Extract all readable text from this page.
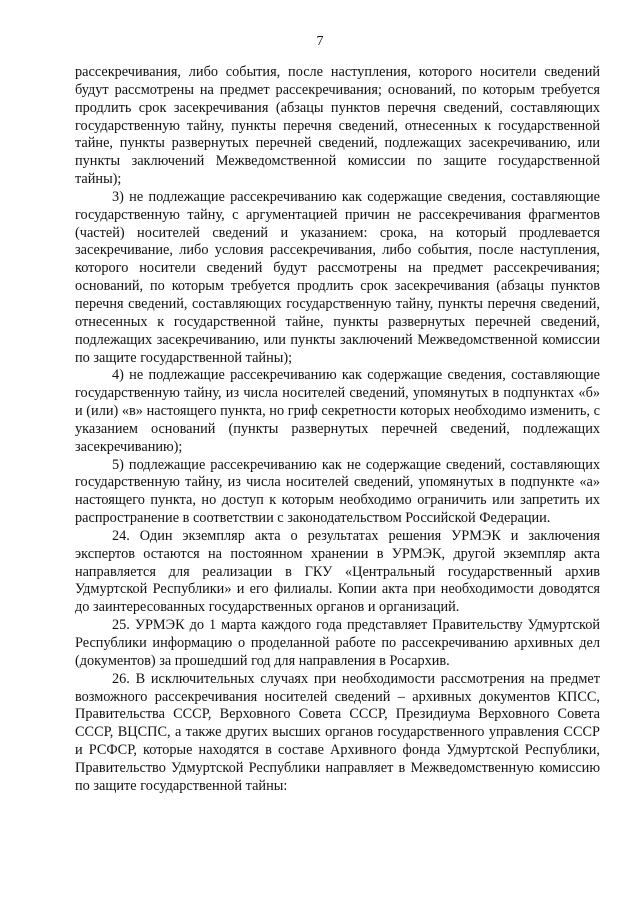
7

рассекречивания, либо события, после наступления, которого носители сведений будут рассмотрены на предмет рассекречивания; оснований, по которым требуется продлить срок засекречивания (абзацы пунктов перечня сведений, составляющих государственную тайну, пункты перечня сведений, отнесенных к государственной тайне, пункты развернутых перечней сведений, подлежащих засекречиванию, или пункты заключений Межведомственной комиссии по защите государственной тайны);

3) не подлежащие рассекречиванию как содержащие сведения, составляющие государственную тайну, с аргументацией причин не рассекречивания фрагментов (частей) носителей сведений и указанием: срока, на который продлевается засекречивание, либо условия рассекречивания, либо события, после наступления, которого носители сведений будут рассмотрены на предмет рассекречивания; оснований, по которым требуется продлить срок засекречивания (абзацы пунктов перечня сведений, составляющих государственную тайну, пункты перечня сведений, отнесенных к государственной тайне, пункты развернутых перечней сведений, подлежащих засекречиванию, или пункты заключений Межведомственной комиссии по защите государственной тайны);

4) не подлежащие рассекречиванию как содержащие сведения, составляющие государственную тайну, из числа носителей сведений, упомянутых в подпунктах «б» и (или) «в» настоящего пункта, но гриф секретности которых необходимо изменить, с указанием оснований (пункты развернутых перечней сведений, подлежащих засекречиванию);

5) подлежащие рассекречиванию как не содержащие сведений, составляющих государственную тайну, из числа носителей сведений, упомянутых в подпункте «а» настоящего пункта, но доступ к которым необходимо ограничить или запретить их распространение в соответствии с законодательством Российской Федерации.

24. Один экземпляр акта о результатах решения УРМЭК и заключения экспертов остаются на постоянном хранении в УРМЭК, другой экземпляр акта направляется для реализации в ГКУ «Центральный государственный архив Удмуртской Республики» и его филиалы. Копии акта при необходимости доводятся до заинтересованных государственных органов и организаций.

25. УРМЭК до 1 марта каждого года представляет Правительству Удмуртской Республики информацию о проделанной работе по рассекречиванию архивных дел (документов) за прошедший год для направления в Росархив.

26. В исключительных случаях при необходимости рассмотрения на предмет возможного рассекречивания носителей сведений – архивных документов КПСС, Правительства СССР, Верховного Совета СССР, Президиума Верховного Совета СССР, ВЦСПС, а также других высших органов государственного управления СССР и РСФСР, которые находятся в составе Архивного фонда Удмуртской Республики, Правительство Удмуртской Республики направляет в Межведомственную комиссию по защите государственной тайны:
